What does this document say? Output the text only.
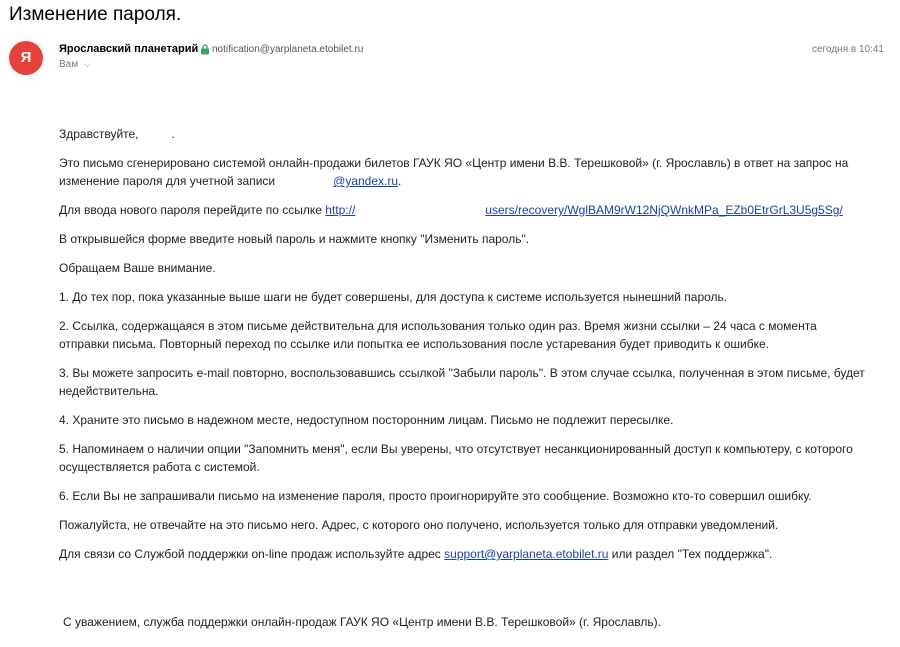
Изменение пароля.
Я	Ярославский планетарий notification@yarplaneta.etobilet.ru	сегодня в 10:41
Вам ⌵

Здравствуйте,	.

Это письмо сгенерировано системой онлайн-продажи билетов ГАУК ЯО «Центр имени В.В. Терешковой» (г. Ярославль) в ответ на запрос на изменение пароля для учетной записи	@yandex.ru.

Для ввода нового пароля перейдите по ссылке http://	users/recovery/WglBAM9rW12NjQWnkMPa_EZb0EtrGrL3U5g5Sg/

В открывшейся форме введите новый пароль и нажмите кнопку "Изменить пароль".

Обращаем Ваше внимание.

1. До тех пор, пока указанные выше шаги не будет совершены, для доступа к системе используется нынешний пароль.

2. Ссылка, содержащаяся в этом письме действительна для использования только один раз. Время жизни ссылки – 24 часа с момента отправки письма. Повторный переход по ссылке или попытка ее использования после устаревания будет приводить к ошибке.

3. Вы можете запросить e-mail повторно, воспользовавшись ссылкой "Забыли пароль". В этом случае ссылка, полученная в этом письме, будет недействительна.

4. Храните это письмо в надежном месте, недоступном посторонним лицам. Письмо не подлежит пересылке.

5. Напоминаем о наличии опции "Запомнить меня", если Вы уверены, что отсутствует несанкционированный доступ к компьютеру, с которого осуществляется работа с системой.

6. Если Вы не запрашивали письмо на изменение пароля, просто проигнорируйте это сообщение. Возможно кто-то совершил ошибку.

Пожалуйста, не отвечайте на это письмо него. Адрес, с которого оно получено, используется только для отправки уведомлений.

Для связи со Службой поддержки on-line продаж используйте адрес support@yarplaneta.etobilet.ru или раздел "Тех поддержка".

С уважением, служба поддержки онлайн-продаж ГАУК ЯО «Центр имени В.В. Терешковой» (г. Ярославль).
